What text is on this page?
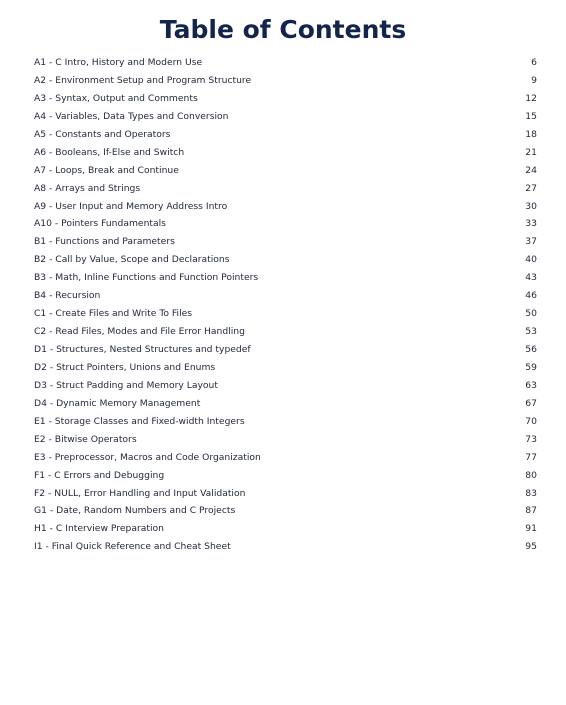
Table of Contents
A1 - C Intro, History and Modern Use	6
A2 - Environment Setup and Program Structure	9
A3 - Syntax, Output and Comments	12
A4 - Variables, Data Types and Conversion	15
A5 - Constants and Operators	18
A6 - Booleans, If-Else and Switch	21
A7 - Loops, Break and Continue	24
A8 - Arrays and Strings	27
A9 - User Input and Memory Address Intro	30
A10 - Pointers Fundamentals	33
B1 - Functions and Parameters	37
B2 - Call by Value, Scope and Declarations	40
B3 - Math, Inline Functions and Function Pointers	43
B4 - Recursion	46
C1 - Create Files and Write To Files	50
C2 - Read Files, Modes and File Error Handling	53
D1 - Structures, Nested Structures and typedef	56
D2 - Struct Pointers, Unions and Enums	59
D3 - Struct Padding and Memory Layout	63
D4 - Dynamic Memory Management	67
E1 - Storage Classes and Fixed-width Integers	70
E2 - Bitwise Operators	73
E3 - Preprocessor, Macros and Code Organization	77
F1 - C Errors and Debugging	80
F2 - NULL, Error Handling and Input Validation	83
G1 - Date, Random Numbers and C Projects	87
H1 - C Interview Preparation	91
I1 - Final Quick Reference and Cheat Sheet	95
